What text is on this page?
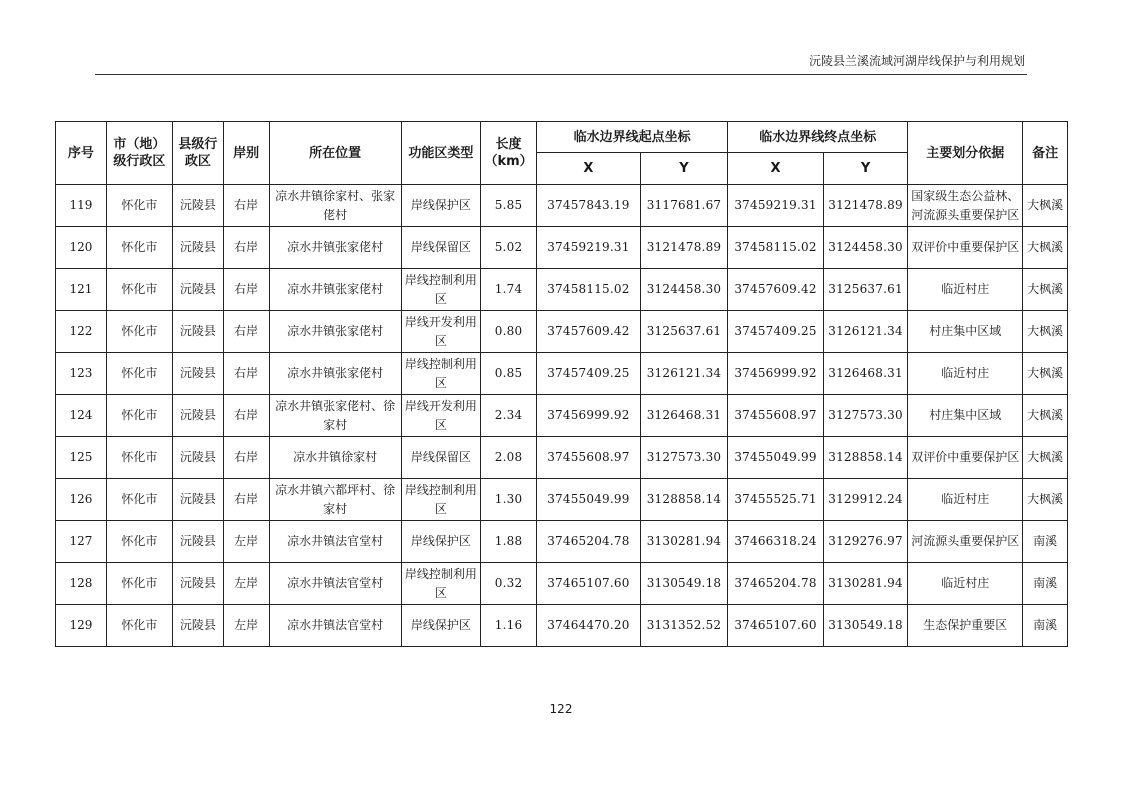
沅陵县兰溪流域河湖岸线保护与利用规划
序号	市（地）级行政区	县级行政区	岸别	所在位置	功能区类型	长度（km）	临水边界线起点坐标		临水边界线终点坐标		主要划分依据	备注
							X	Y	X	Y		
119	怀化市	沅陵县	右岸	凉水井镇徐家村、张家佬村	岸线保护区	5.85	37457843.19	3117681.67	37459219.31	3121478.89	国家级生态公益林、河流源头重要保护区	大枫溪
120	怀化市	沅陵县	右岸	凉水井镇张家佬村	岸线保留区	5.02	37459219.31	3121478.89	37458115.02	3124458.30	双评价中重要保护区	大枫溪
121	怀化市	沅陵县	右岸	凉水井镇张家佬村	岸线控制利用区	1.74	37458115.02	3124458.30	37457609.42	3125637.61	临近村庄	大枫溪
122	怀化市	沅陵县	右岸	凉水井镇张家佬村	岸线开发利用区	0.80	37457609.42	3125637.61	37457409.25	3126121.34	村庄集中区域	大枫溪
123	怀化市	沅陵县	右岸	凉水井镇张家佬村	岸线控制利用区	0.85	37457409.25	3126121.34	37456999.92	3126468.31	临近村庄	大枫溪
124	怀化市	沅陵县	右岸	凉水井镇张家佬村、徐家村	岸线开发利用区	2.34	37456999.92	3126468.31	37455608.97	3127573.30	村庄集中区域	大枫溪
125	怀化市	沅陵县	右岸	凉水井镇徐家村	岸线保留区	2.08	37455608.97	3127573.30	37455049.99	3128858.14	双评价中重要保护区	大枫溪
126	怀化市	沅陵县	右岸	凉水井镇六都坪村、徐家村	岸线控制利用区	1.30	37455049.99	3128858.14	37455525.71	3129912.24	临近村庄	大枫溪
127	怀化市	沅陵县	左岸	凉水井镇法官堂村	岸线保护区	1.88	37465204.78	3130281.94	37466318.24	3129276.97	河流源头重要保护区	南溪
128	怀化市	沅陵县	左岸	凉水井镇法官堂村	岸线控制利用区	0.32	37465107.60	3130549.18	37465204.78	3130281.94	临近村庄	南溪
129	怀化市	沅陵县	左岸	凉水井镇法官堂村	岸线保护区	1.16	37464470.20	3131352.52	37465107.60	3130549.18	生态保护重要区	南溪
122
